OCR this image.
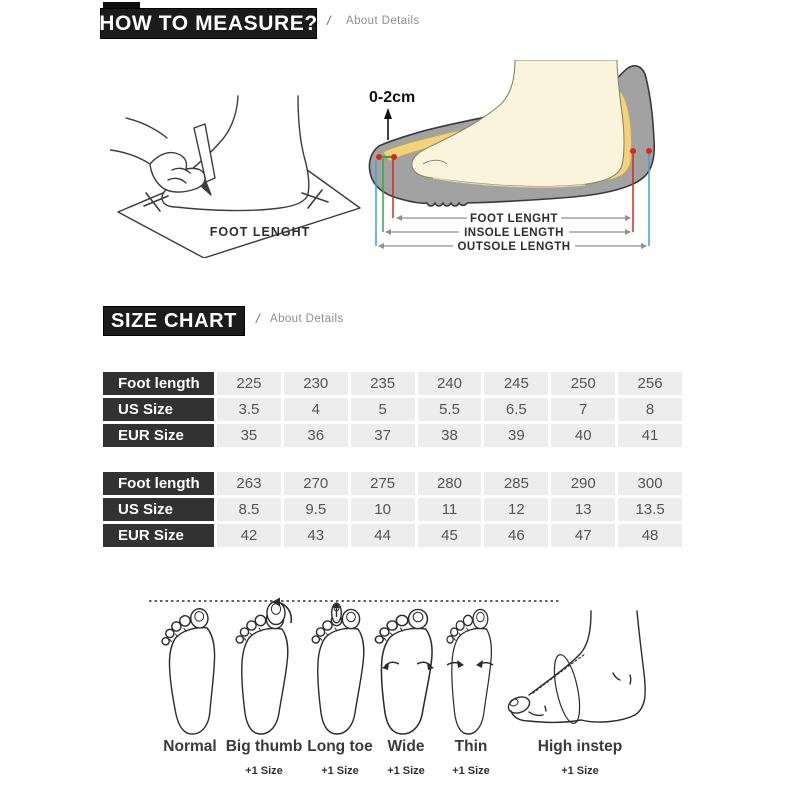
HOW TO MEASURE? / About Details
FOOT LENGHT
0-2cm
FOOT LENGHT
INSOLE LENGTH
OUTSOLE LENGTH
SIZE CHART / About Details
Foot length	225	230	235	240	245	250	256
US Size	3.5	4	5	5.5	6.5	7	8
EUR Size	35	36	37	38	39	40	41
Foot length	263	270	275	280	285	290	300
US Size	8.5	9.5	10	11	12	13	13.5
EUR Size	42	43	44	45	46	47	48
Normal Big thumb
+1 Size
Long toe
+1 Size
Wide
+1 Size
Thin
+1 Size
High instep
+1 Size
